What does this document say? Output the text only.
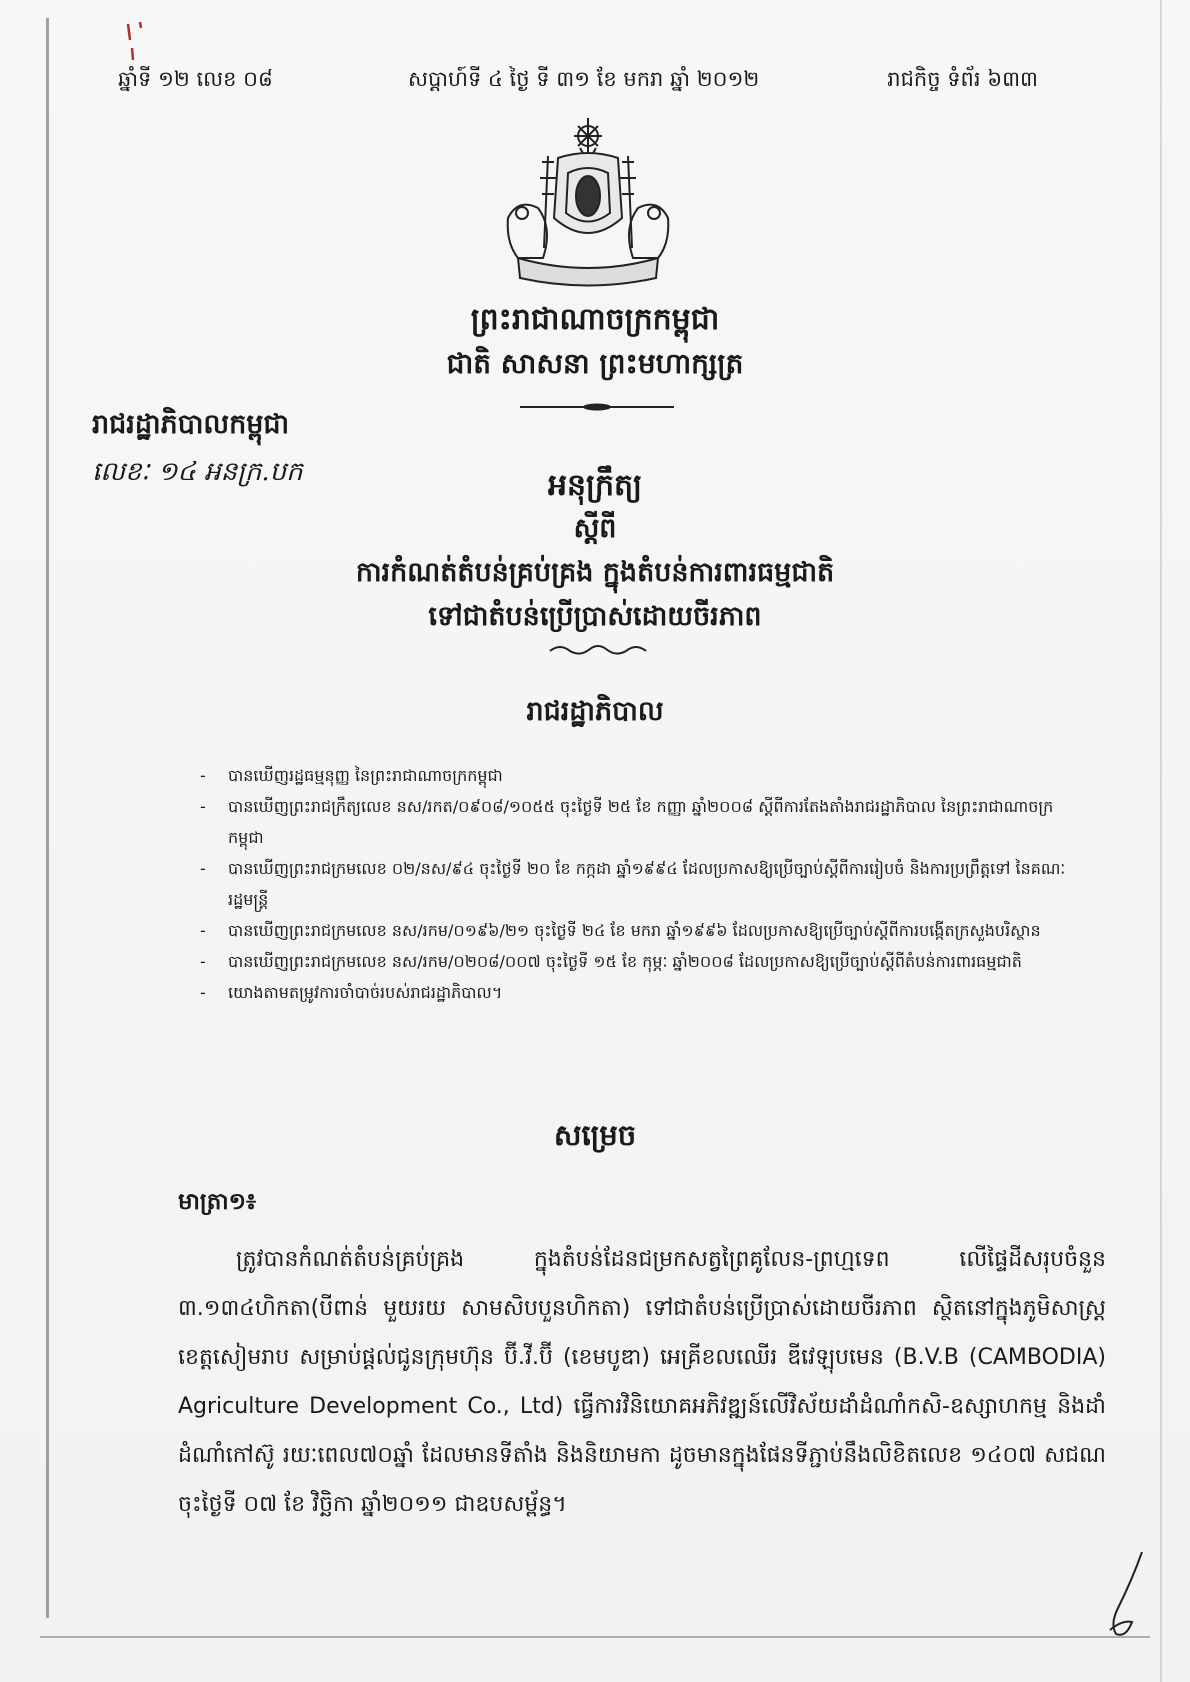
ឆ្នាំទី ១២ លេខ ០៨	សប្ដាហ៍ទី ៤ ថ្ងៃ ទី ៣១ ខែ មករា ឆ្នាំ ២០១២	រាជកិច្ច ទំព័រ ៦៣៣
ព្រះរាជាណាចក្រកម្ពុជា
ជាតិ សាសនា ព្រះមហាក្សត្រ
រាជរដ្ឋាភិបាលកម្ពុជា
លេខៈ ១៤ អនក្រ.បក	អនុក្រឹត្យ
ស្ដីពី
ការកំណត់តំបន់គ្រប់គ្រង ក្នុងតំបន់ការពារធម្មជាតិ
ទៅជាតំបន់ប្រើប្រាស់ដោយចីរភាព
រាជរដ្ឋាភិបាល
- បានឃើញរដ្ឋធម្មនុញ្ញ នៃព្រះរាជាណាចក្រកម្ពុជា
- បានឃើញព្រះរាជក្រឹត្យលេខ នស/រកត/០៩០៨/១០៥៥ ចុះថ្ងៃទី ២៥ ខែ កញ្ញា ឆ្នាំ២០០៨ ស្ដីពីការតែងតាំងរាជរដ្ឋាភិបាល នៃព្រះរាជាណាចក្រកម្ពុជា
- បានឃើញព្រះរាជក្រមលេខ ០២/នស/៩៤ ចុះថ្ងៃទី ២០ ខែ កក្កដា ឆ្នាំ១៩៩៤ ដែលប្រកាសឱ្យប្រើច្បាប់ស្ដីពីការរៀបចំ និងការប្រព្រឹត្តទៅ នៃគណៈរដ្ឋមន្ត្រី
- បានឃើញព្រះរាជក្រមលេខ នស/រកម/០១៩៦/២១ ចុះថ្ងៃទី ២៤ ខែ មករា ឆ្នាំ១៩៩៦ ដែលប្រកាសឱ្យប្រើច្បាប់ស្ដីពីការបង្កើតក្រសួងបរិស្ថាន
- បានឃើញព្រះរាជក្រមលេខ នស/រកម/០២០៨/០០៧ ចុះថ្ងៃទី ១៥ ខែ កុម្ភៈ ឆ្នាំ២០០៨ ដែលប្រកាសឱ្យប្រើច្បាប់ស្ដីពីតំបន់ការពារធម្មជាតិ
- យោងតាមតម្រូវការចាំបាច់របស់រាជរដ្ឋាភិបាល។
សម្រេច
មាត្រា១៖
ត្រូវបានកំណត់តំបន់គ្រប់គ្រង ក្នុងតំបន់ដែនជម្រកសត្វព្រៃគូលែន-ព្រហ្មទេព លើផ្ទៃដីសរុបចំនួន ៣.១៣៤ហិកតា(បីពាន់ មួយរយ សាមសិបបួនហិកតា) ទៅជាតំបន់ប្រើប្រាស់ដោយចីរភាព ស្ថិតនៅក្នុងភូមិសាស្ត្រខេត្តសៀមរាប សម្រាប់ផ្ដល់ជូនក្រុមហ៊ុន ប៊ី.វី.ប៊ី (ខេមបូឌា) អេគ្រីខលឈើរ ឌីវេឡុបមេន (B.V.B (CAMBODIA) Agriculture Development Co., Ltd) ធ្វើការវិនិយោគអភិវឌ្ឍន៍លើវិស័យដាំដំណាំកសិ-ឧស្សាហកម្ម និងដាំដំណាំកៅស៊ូ រយៈពេល៧០ឆ្នាំ ដែលមានទីតាំង និងនិយាមកា ដូចមានក្នុងផែនទីភ្ជាប់នឹងលិខិតលេខ ១៤០៧ សជណ ចុះថ្ងៃទី ០៧ ខែ វិច្ឆិកា ឆ្នាំ២០១១ ជាឧបសម្ព័ន្ធ។
